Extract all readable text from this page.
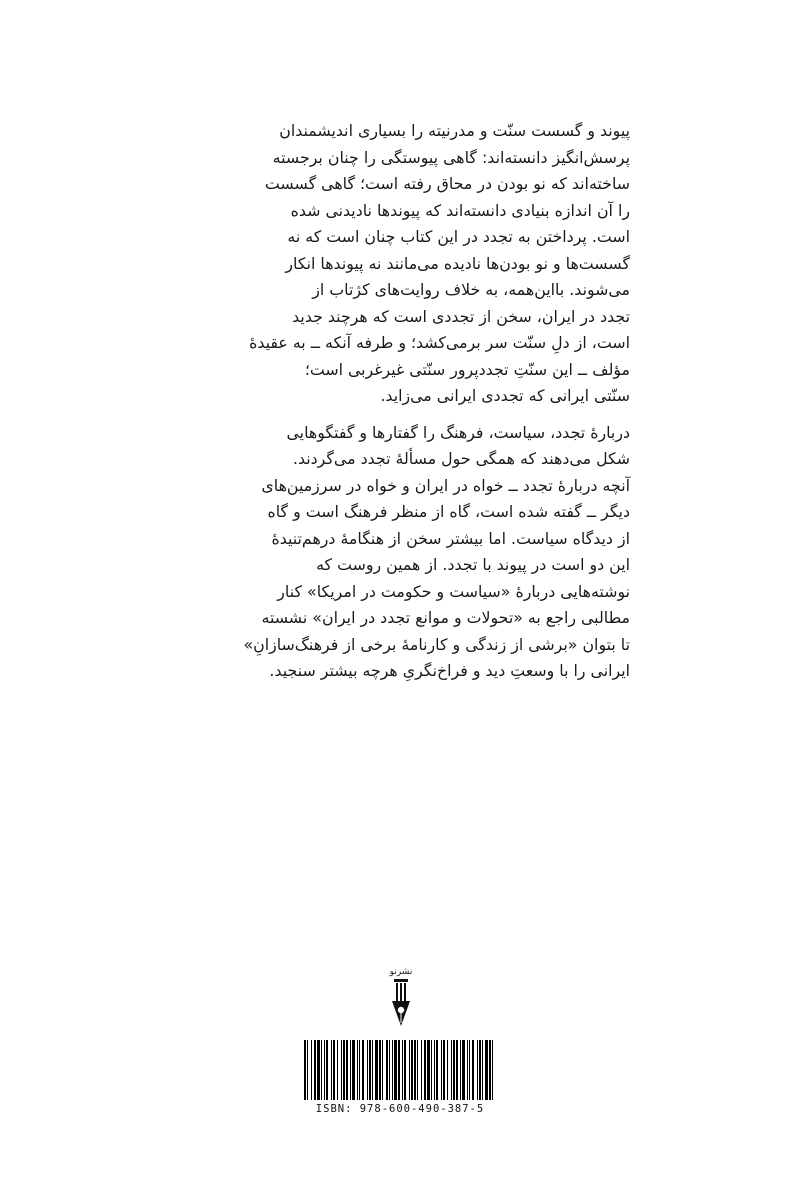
پیوند و گسست سنّت و مدرنیته را بسیاری اندیشمندان
پرسش‌انگیز دانسته‌اند: گاهی پیوستگی را چنان برجسته
ساخته‌اند که نو بودن در محاق رفته است؛ گاهی گسست
را آن اندازه بنیادی دانسته‌اند که پیوندها نادیدنی شده
است. پرداختن به تجدد در این کتاب چنان است که نه
گسست‌ها و نو بودن‌ها نادیده می‌مانند نه پیوندها انکار
می‌شوند. بااین‌همه، به خلاف روایت‌های کژتاب از
تجدد در ایران، سخن از تجددی است که هرچند جدید
است، از دلِ سنّت سر برمی‌کشد؛ و طرفه آنکه ــ به عقیدهٔ
مؤلف ــ این سنّتِ تجددپرور سنّتی غیرغربی است؛
سنّتی ایرانی که تجددی ایرانی می‌زاید.

دربارهٔ تجدد، سیاست، فرهنگ را گفتارها و گفتگوهایی
شکل می‌دهند که همگی حول مسألهٔ تجدد می‌گردند.
آنچه دربارهٔ تجدد ــ خواه در ایران و خواه در سرزمین‌های
دیگر ــ گفته شده است، گاه از منظر فرهنگ است و گاه
از دیدگاه سیاست. اما بیشتر سخن از هنگامهٔ درهم‌تنیدهٔ
این دو است در پیوند با تجدد. از همین روست که
نوشته‌هایی دربارهٔ «سیاست و حکومت در امریکا» کنار
مطالبی راجع به «تحولات و موانع تجدد در ایران» نشسته
تا بتوان «برشی از زندگی و کارنامهٔ برخی از فرهنگ‌سازانِ»
ایرانی را با وسعتِ دید و فراخ‌نگریِ هرچه بیشتر سنجید.

نشرنو
ISBN: 978-600-490-387-5
